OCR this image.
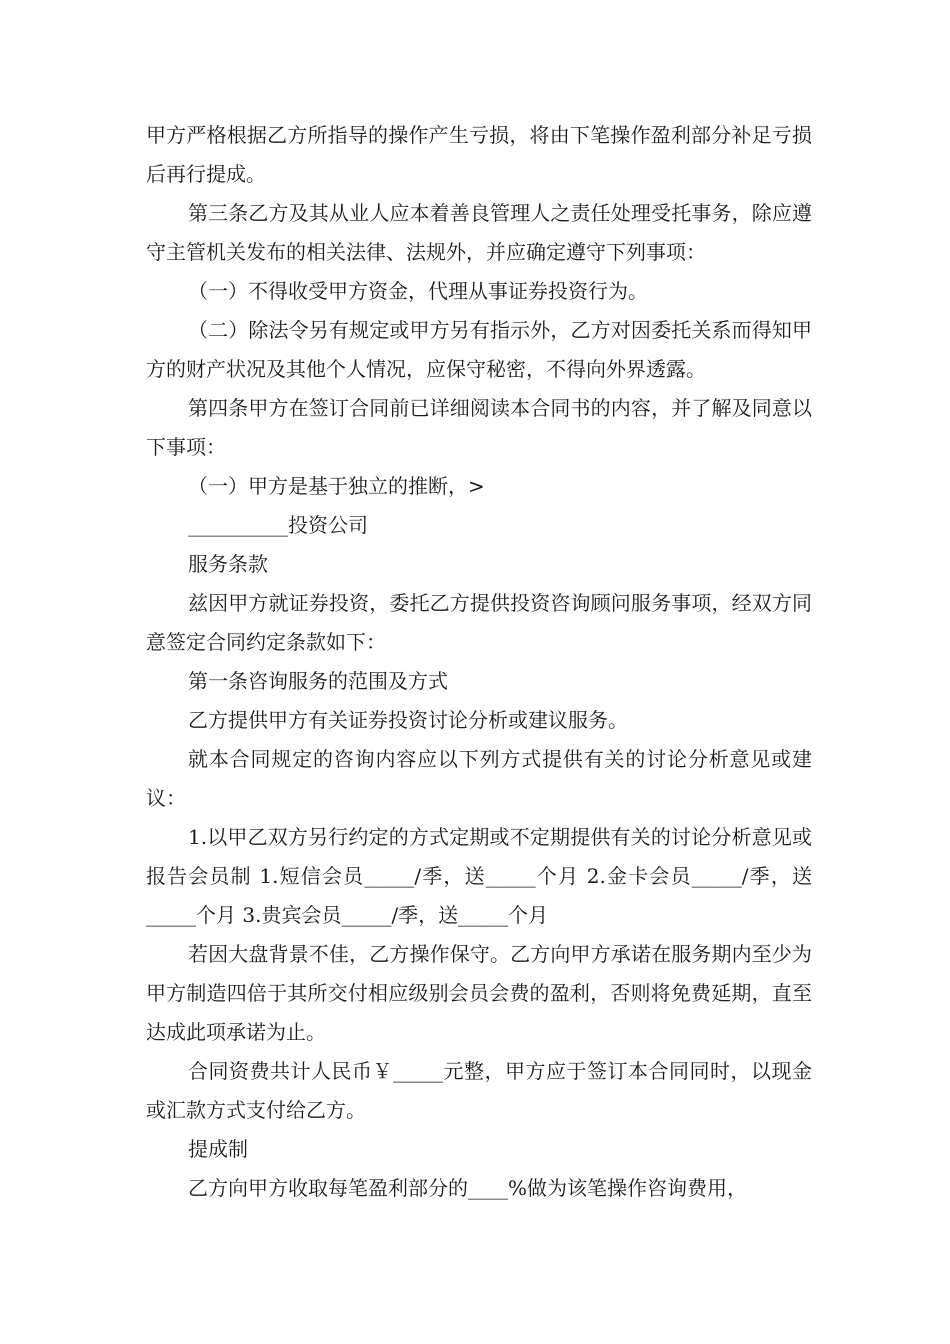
甲方严格根据乙方所指导的操作产生亏损，将由下笔操作盈利部分补足亏损后再行提成。

第三条乙方及其从业人应本着善良管理人之责任处理受托事务，除应遵守主管机关发布的相关法律、法规外，并应确定遵守下列事项：

（一）不得收受甲方资金，代理从事证券投资行为。

（二）除法令另有规定或甲方另有指示外，乙方对因委托关系而得知甲方的财产状况及其他个人情况，应保守秘密，不得向外界透露。

第四条甲方在签订合同前已详细阅读本合同书的内容，并了解及同意以下事项：

（一）甲方是基于独立的推断，>

__________投资公司

服务条款

兹因甲方就证券投资，委托乙方提供投资咨询顾问服务事项，经双方同意签定合同约定条款如下：

第一条咨询服务的范围及方式

乙方提供甲方有关证券投资讨论分析或建议服务。

就本合同规定的咨询内容应以下列方式提供有关的讨论分析意见或建议：

1.以甲乙双方另行约定的方式定期或不定期提供有关的讨论分析意见或报告会员制 1.短信会员_____/季，送_____个月 2.金卡会员_____/季，送_____个月 3.贵宾会员_____/季，送_____个月

若因大盘背景不佳，乙方操作保守。乙方向甲方承诺在服务期内至少为甲方制造四倍于其所交付相应级别会员会费的盈利，否则将免费延期，直至达成此项承诺为止。

合同资费共计人民币￥_____元整，甲方应于签订本合同同时，以现金或汇款方式支付给乙方。

提成制

乙方向甲方收取每笔盈利部分的____%做为该笔操作咨询费用，
